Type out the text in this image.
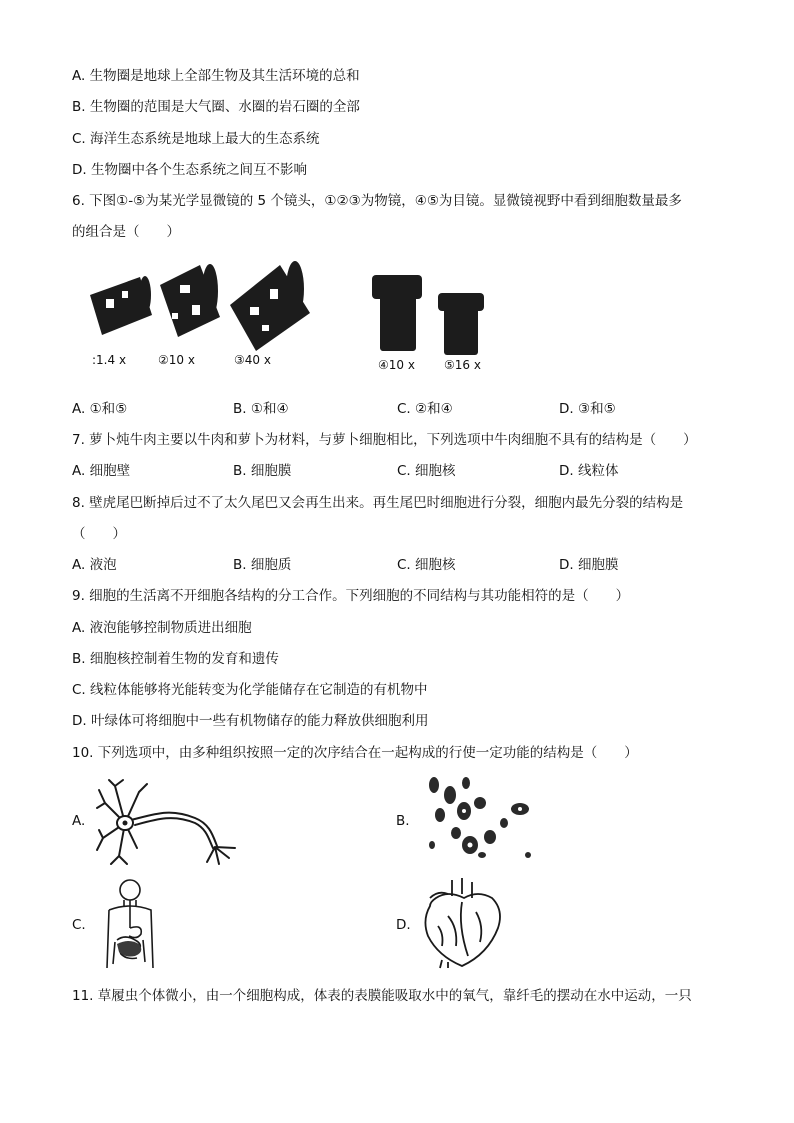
A. 生物圈是地球上全部生物及其生活环境的总和
B. 生物圈的范围是大气圈、水圈的岩石圈的全部
C. 海洋生态系统是地球上最大的生态系统
D. 生物圈中各个生态系统之间互不影响
6. 下图①-⑤为某光学显微镜的 5 个镜头，①②③为物镜，④⑤为目镜。显微镜视野中看到细胞数量最多
的组合是（　　）
:1.4 x	②10 x	③40 x	④10 x ⑤16 x
A. ①和⑤	B. ①和④	C. ②和④	D. ③和⑤
7. 萝卜炖牛肉主要以牛肉和萝卜为材料，与萝卜细胞相比，下列选项中牛肉细胞不具有的结构是（　　）
A. 细胞壁	B. 细胞膜	C. 细胞核	D. 线粒体
8. 壁虎尾巴断掉后过不了太久尾巴又会再生出来。再生尾巴时细胞进行分裂，细胞内最先分裂的结构是
（　　）
A. 液泡	B. 细胞质	C. 细胞核	D. 细胞膜
9. 细胞的生活离不开细胞各结构的分工合作。下列细胞的不同结构与其功能相符的是（　　）
A. 液泡能够控制物质进出细胞
B. 细胞核控制着生物的发育和遗传
C. 线粒体能够将光能转变为化学能储存在它制造的有机物中
D. 叶绿体可将细胞中一些有机物储存的能力释放供细胞利用
10. 下列选项中，由多种组织按照一定的次序结合在一起构成的行使一定功能的结构是（　　）
A.	B.
C.	D.
11. 草履虫个体微小，由一个细胞构成，体表的表膜能吸取水中的氧气，靠纤毛的摆动在水中运动，一只
